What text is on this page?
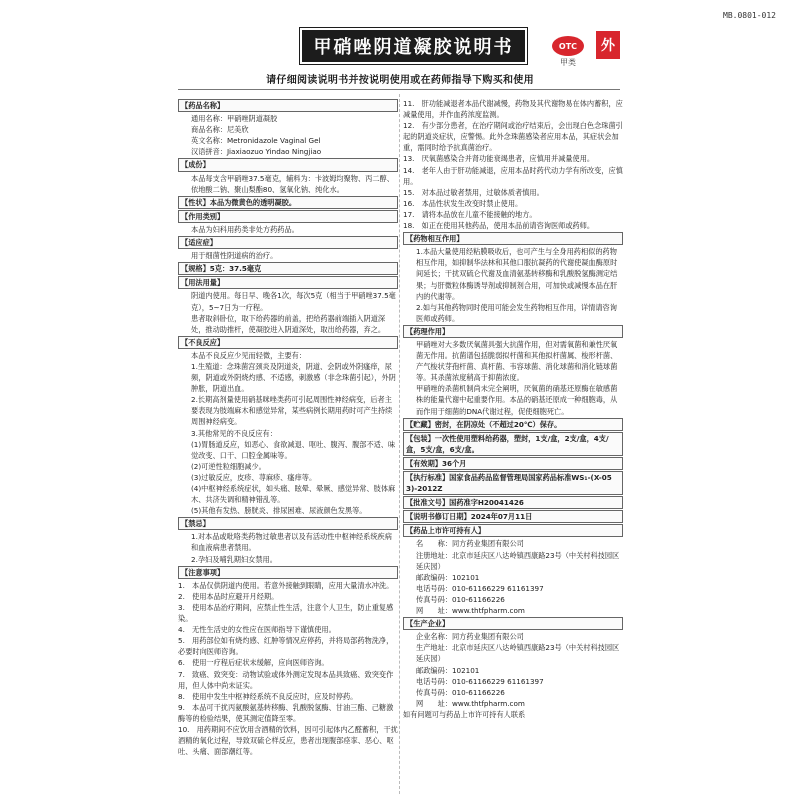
MB.0801-012
甲硝唑阴道凝胶说明书	OTC
甲类
外
请仔细阅读说明书并按说明使用或在药师指导下购买和使用
【药品名称】
通用名称：甲硝唑阴道凝胶
商品名称：尼美欣
英文名称：Metronidazole Vaginal Gel
汉语拼音：Jiaxiaozuo Yindao Ningjiao
【成份】
本品每支含甲硝唑37.5毫克，辅料为：卡波姆均聚物、丙二醇、依地酸二钠、聚山梨酯80、氢氧化钠、纯化水。
【性状】本品为微黄色的透明凝胶。
【作用类别】
本品为妇科用药类非处方药药品。
【适应症】
用于细菌性阴道病的治疗。
【规格】5克：37.5毫克
【用法用量】
阴道内使用。每日早、晚各1次，每次5克（相当于甲硝唑37.5毫克），5~7日为一疗程。
患者取斜卧位，取下给药器的前盖，把给药器前端插入阴道深处，推动助推杆，使凝胶进入阴道深处，取出给药器，弃之。
【不良反应】
本品不良反应少见而轻微，主要有：
1.生殖道：念珠菌宫颈炎及阴道炎，阴道、会阴或外阴瘙痒，尿频，阴道或外阴烧灼感、不适感，刺激感（非念珠菌引起），外阴肿胀，阴道出血。
2.长期高剂量使用硝基咪唑类药可引起周围性神经病变，后者主要表现为肢端麻木和感觉异常，某些病例长期用药时可产生持续周围神经病变。
3.其他常见的不良反应有：
(1)胃肠道反应，如恶心、食欲减退、呕吐、腹泻、腹部不适、味觉改变、口干、口腔金属味等。
(2)可逆性粒细胞减少。
(3)过敏反应，皮疹、荨麻疹、瘙痒等。
(4)中枢神经系统症状，如头痛、眩晕、晕厥、感觉异常、肢体麻木、共济失调和精神错乱等。
(5)其他有发热、膀胱炎、排尿困难、尿液颜色发黑等。
【禁忌】
1.对本品或吡咯类药物过敏患者以及有活动性中枢神经系统疾病和血液病患者禁用。
2.孕妇及哺乳期妇女禁用。
【注意事项】
1.　本品仅供阴道内使用。若意外接触到眼睛，应用大量清水冲洗。
2.　使用本品时应避开月经期。
3.　使用本品治疗期间，应禁止性生活，注意个人卫生，防止重复感染。
4.　无性生活史的女性应在医师指导下谨慎使用。
5.　用药部位如有烧灼感、红肿等情况应停药，并将局部药物洗净，必要时向医师咨询。
6.　使用一疗程后症状未缓解，应向医师咨询。
7.　致癌、致突变：动物试验或体外测定发现本品具致癌、致突变作用，但人体中尚未证实。
8.　使用中发生中枢神经系统不良反应时，应及时停药。
9.　本品可干扰丙氨酸氨基转移酶、乳酸脱氢酶、甘油三酯、己糖激酶等的检验结果，使其测定值降至零。
10.　用药期间不应饮用含酒精的饮料，因可引起体内乙醛蓄积，干扰酒精的氧化过程，导致双硫仑样反应，患者出现腹部痉挛、恶心、呕吐、头痛、面部潮红等。
11.　肝功能减退者本品代谢减慢，药物及其代谢物易在体内蓄积，应减量使用，并作血药浓度监测。
12.　有少部分患者，在治疗期间或治疗结束后，会出现白色念珠菌引起的阴道炎症状，应警惕。此外念珠菌感染者应用本品，其症状会加重，需同时给予抗真菌治疗。
13.　厌氧菌感染合并肾功能衰竭患者，应慎用并减量使用。
14.　老年人由于肝功能减退，应用本品时药代动力学有所改变，应慎用。
15.　对本品过敏者禁用，过敏体质者慎用。
16.　本品性状发生改变时禁止使用。
17.　请将本品放在儿童不能接触的地方。
18.　如正在使用其他药品，使用本品前请咨询医师或药师。
【药物相互作用】
1.本品大量使用经粘膜吸收后，也可产生与全身用药相似的药物相互作用，如抑制华法林和其他口服抗凝药的代谢使凝血酶原时间延长；干扰双硫仑代谢及血清氨基转移酶和乳酸脱氢酶测定结果；与肝微粒体酶诱导剂或抑制剂合用，可加快或减慢本品在肝内的代谢等。
2.如与其他药物同时使用可能会发生药物相互作用，详情请咨询医师或药师。
【药理作用】
甲硝唑对大多数厌氧菌具强大抗菌作用，但对需氧菌和兼性厌氧菌无作用。抗菌谱包括脆弱拟杆菌和其他拟杆菌属、梭形杆菌、产气梭状芽孢杆菌、真杆菌、韦容球菌、消化球菌和消化链球菌等。其杀菌浓度稍高于抑菌浓度。
甲硝唑的杀菌机制尚未完全阐明，厌氧菌的硝基还原酶在敏感菌株的能量代谢中起重要作用。本品的硝基还原成一种细胞毒，从而作用于细菌的DNA代谢过程，促使细胞死亡。
【贮藏】密封，在阴凉处（不超过20℃）保存。
【包装】一次性使用塑料给药器，塑封，1支/盒，2支/盒，4支/盒，5支/盒，6支/盒。
【有效期】36个月
【执行标准】国家食品药品监督管理局国家药品标准WS₁-(X-053)-2012Z
【批准文号】国药准字H20041426
【说明书修订日期】2024年07月11日
【药品上市许可持有人】
名　　称：同方药业集团有限公司
注册地址：北京市延庆区八达岭镇西康路23号（中关村科技园区延庆园）
邮政编码：102101
电话号码：010-61166229 61161397
传真号码：010-61166226
网　　址：www.thtfpharm.com
【生产企业】
企业名称：同方药业集团有限公司
生产地址：北京市延庆区八达岭镇西康路23号（中关村科技园区延庆园）
邮政编码：102101
电话号码：010-61166229 61161397
传真号码：010-61166226
网　　址：www.thtfpharm.com
如有问题可与药品上市许可持有人联系
